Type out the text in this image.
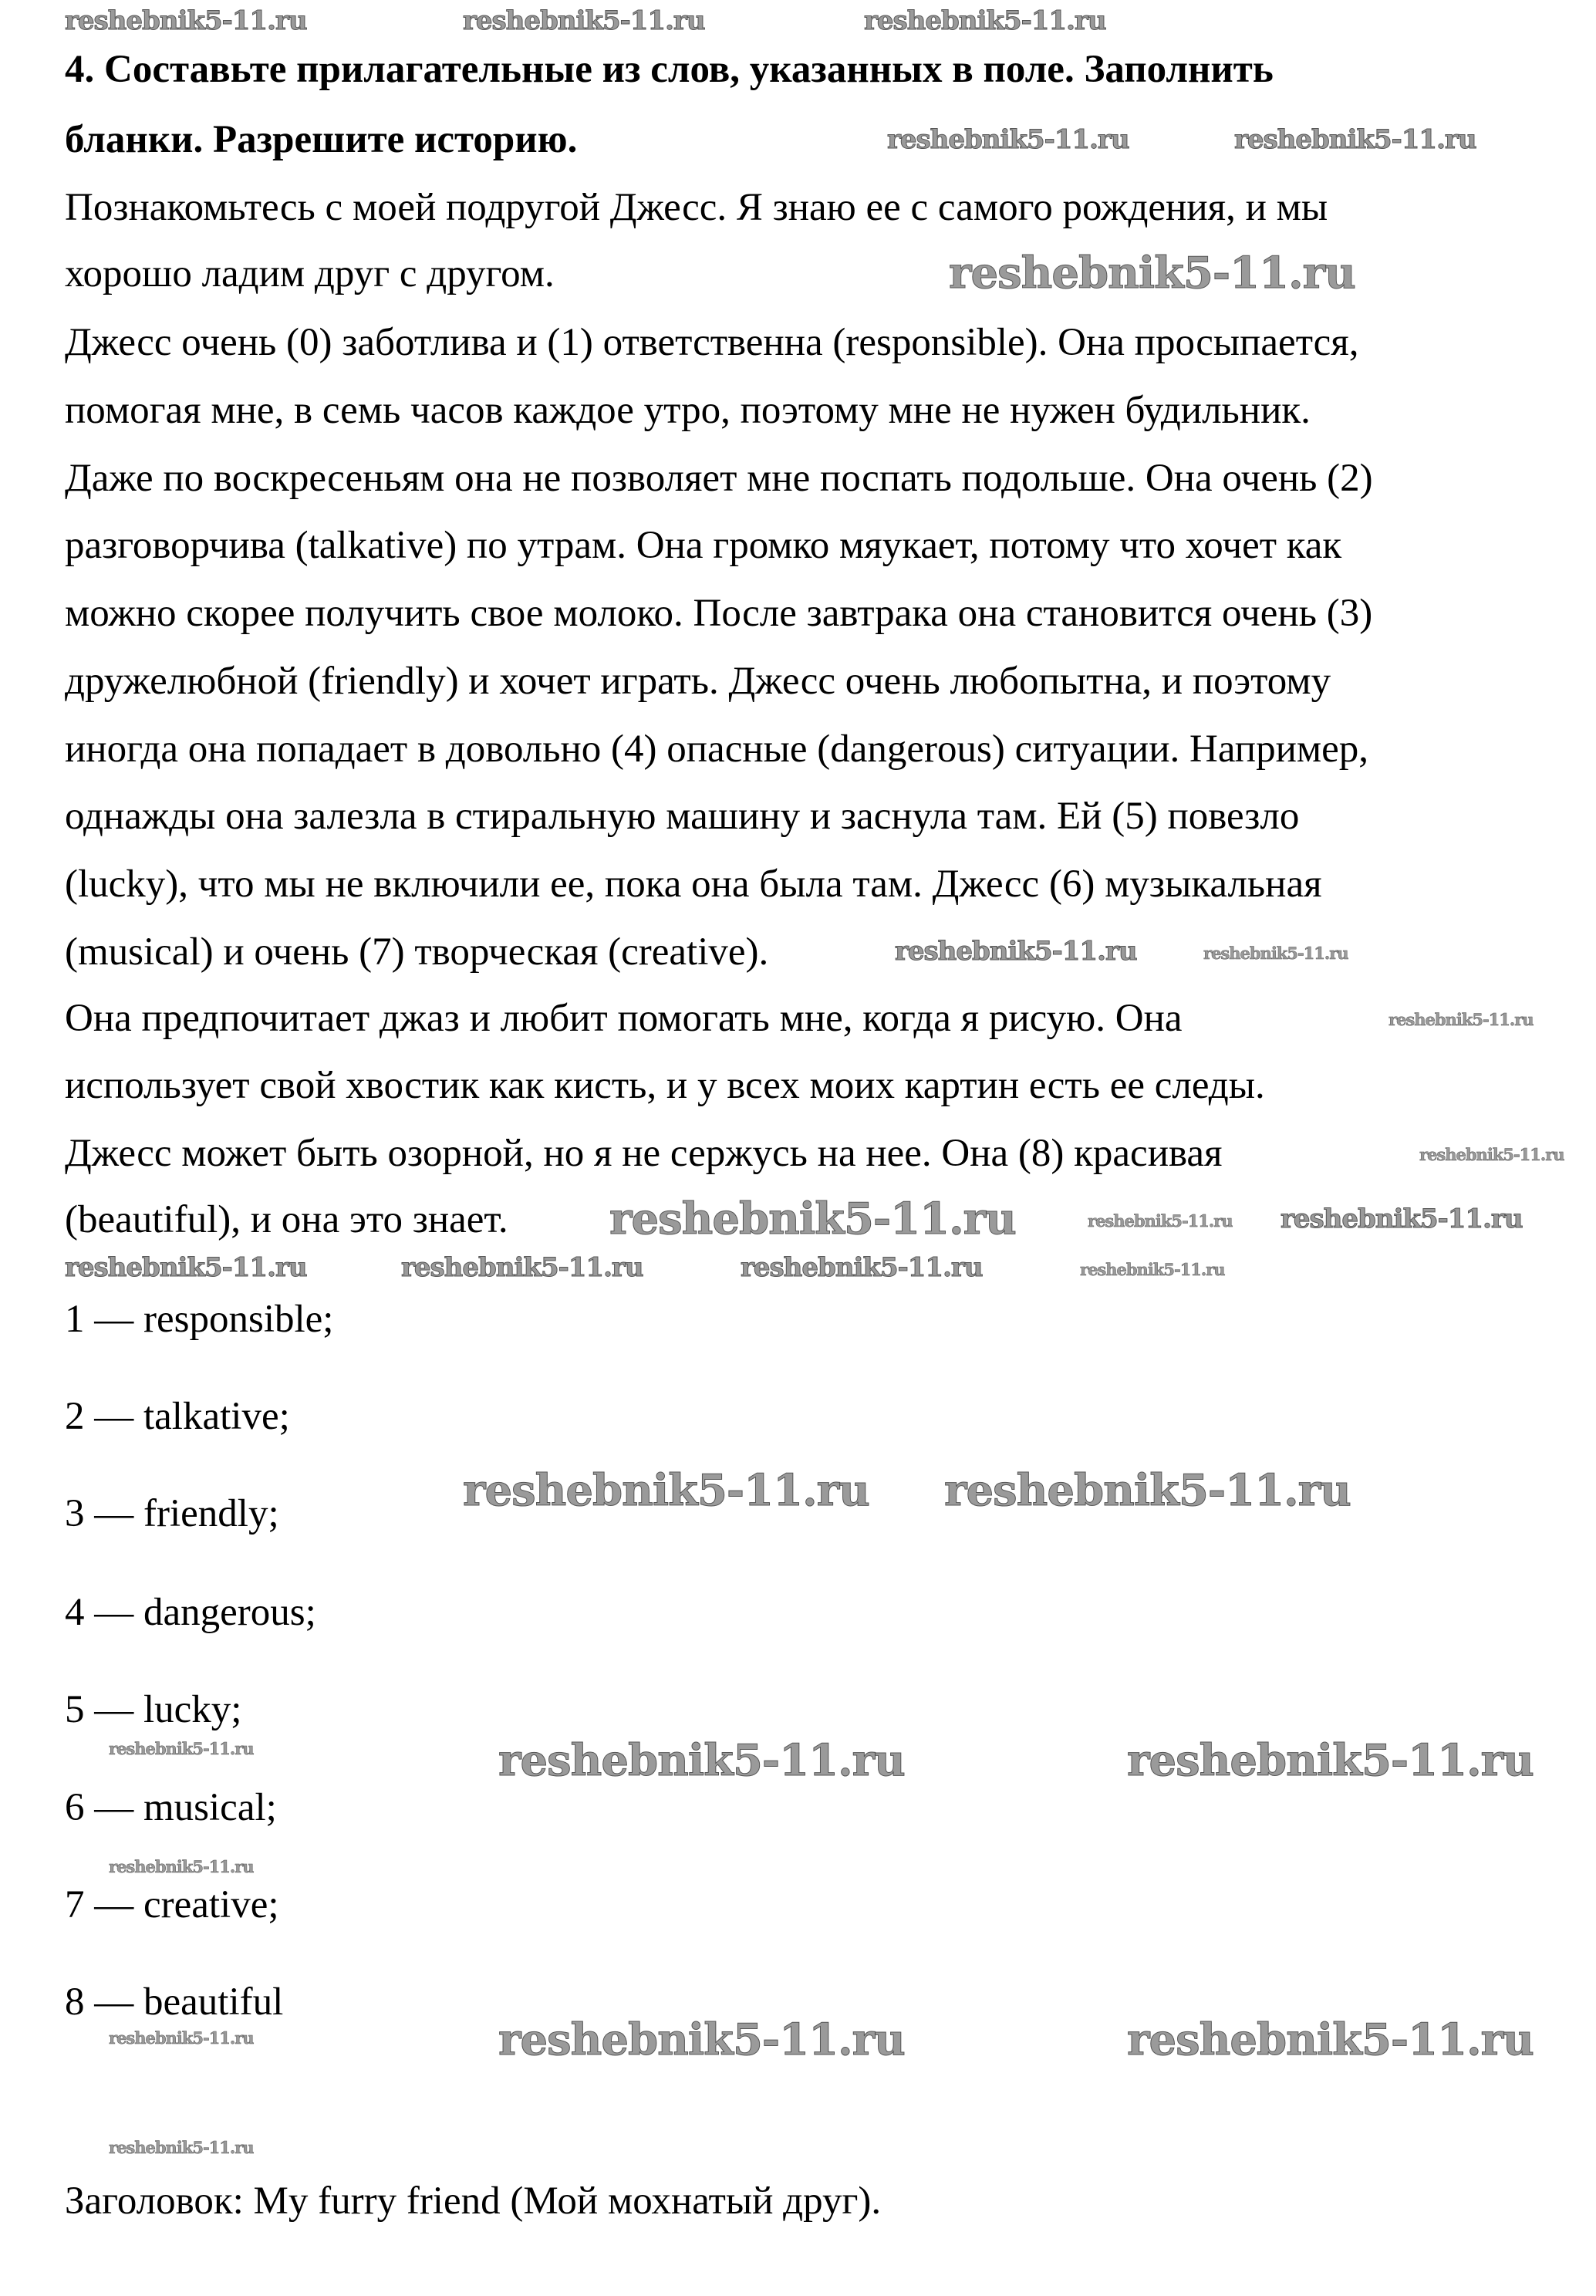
4. Составьте прилагательные из слов, указанных в поле. Заполнить
бланки. Разрешите историю.
Познакомьтесь с моей подругой Джесс. Я знаю ее с самого рождения, и мы
хорошо ладим друг с другом.
Джесс очень (0) заботлива и (1) ответственна (responsible). Она просыпается,
помогая мне, в семь часов каждое утро, поэтому мне не нужен будильник.
Даже по воскресеньям она не позволяет мне поспать подольше. Она очень (2)
разговорчива (talkative) по утрам. Она громко мяукает, потому что хочет как
можно скорее получить свое молоко. После завтрака она становится очень (3)
дружелюбной (friendly) и хочет играть. Джесс очень любопытна, и поэтому
иногда она попадает в довольно (4) опасные (dangerous) ситуации. Например,
однажды она залезла в стиральную машину и заснула там. Ей (5) повезло
(lucky), что мы не включили ее, пока она была там. Джесс (6) музыкальная
(musical) и очень (7) творческая (creative).
Она предпочитает джаз и любит помогать мне, когда я рисую. Она
использует свой хвостик как кисть, и у всех моих картин есть ее следы.
Джесс может быть озорной, но я не сержусь на нее. Она (8) красивая
(beautiful), и она это знает.
1 — responsible;
2 — talkative;
3 — friendly;
4 — dangerous;
5 — lucky;
6 — musical;
7 — creative;
8 — beautiful
Заголовок: My furry friend (Мой мохнатый друг).
reshebnik5-11.ru	reshebnik5-11.ru	reshebnik5-11.ru
reshebnik5-11.ru	reshebnik5-11.ru
reshebnik5-11.ru
reshebnik5-11.ru	reshebnik5-11.ru
reshebnik5-11.ru
reshebnik5-11.ru
reshebnik5-11.ru	reshebnik5-11.ru reshebnik5-11.ru
reshebnik5-11.ru	reshebnik5-11.ru	reshebnik5-11.ru	reshebnik5-11.ru
reshebnik5-11.ru reshebnik5-11.ru
reshebnik5-11.ru	reshebnik5-11.ru	reshebnik5-11.ru
reshebnik5-11.ru
reshebnik5-11.ru	reshebnik5-11.ru	reshebnik5-11.ru
reshebnik5-11.ru
